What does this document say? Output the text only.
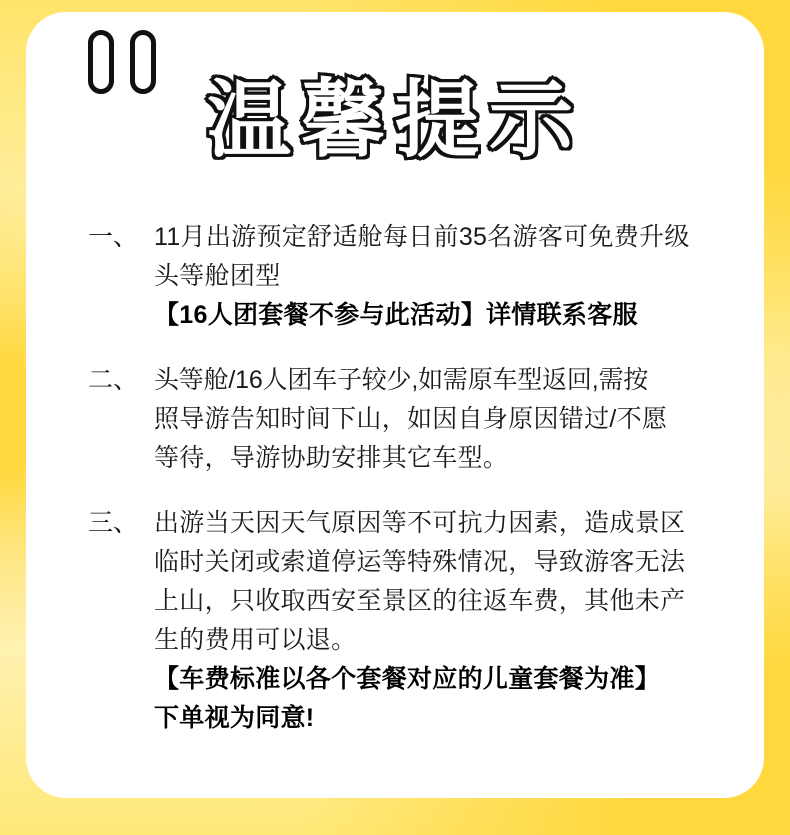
温馨提示
一、 11月出游预定舒适舱每日前35名游客可免费升级
头等舱团型
【16人团套餐不参与此活动】详情联系客服
二、 头等舱/16人团车子较少,如需原车型返回,需按
照导游告知时间下山，如因自身原因错过/不愿
等待，导游协助安排其它车型。
三、 出游当天因天气原因等不可抗力因素，造成景区
临时关闭或索道停运等特殊情况，导致游客无法
上山，只收取西安至景区的往返车费，其他未产
生的费用可以退。
【车费标准以各个套餐对应的儿童套餐为准】
下单视为同意!
